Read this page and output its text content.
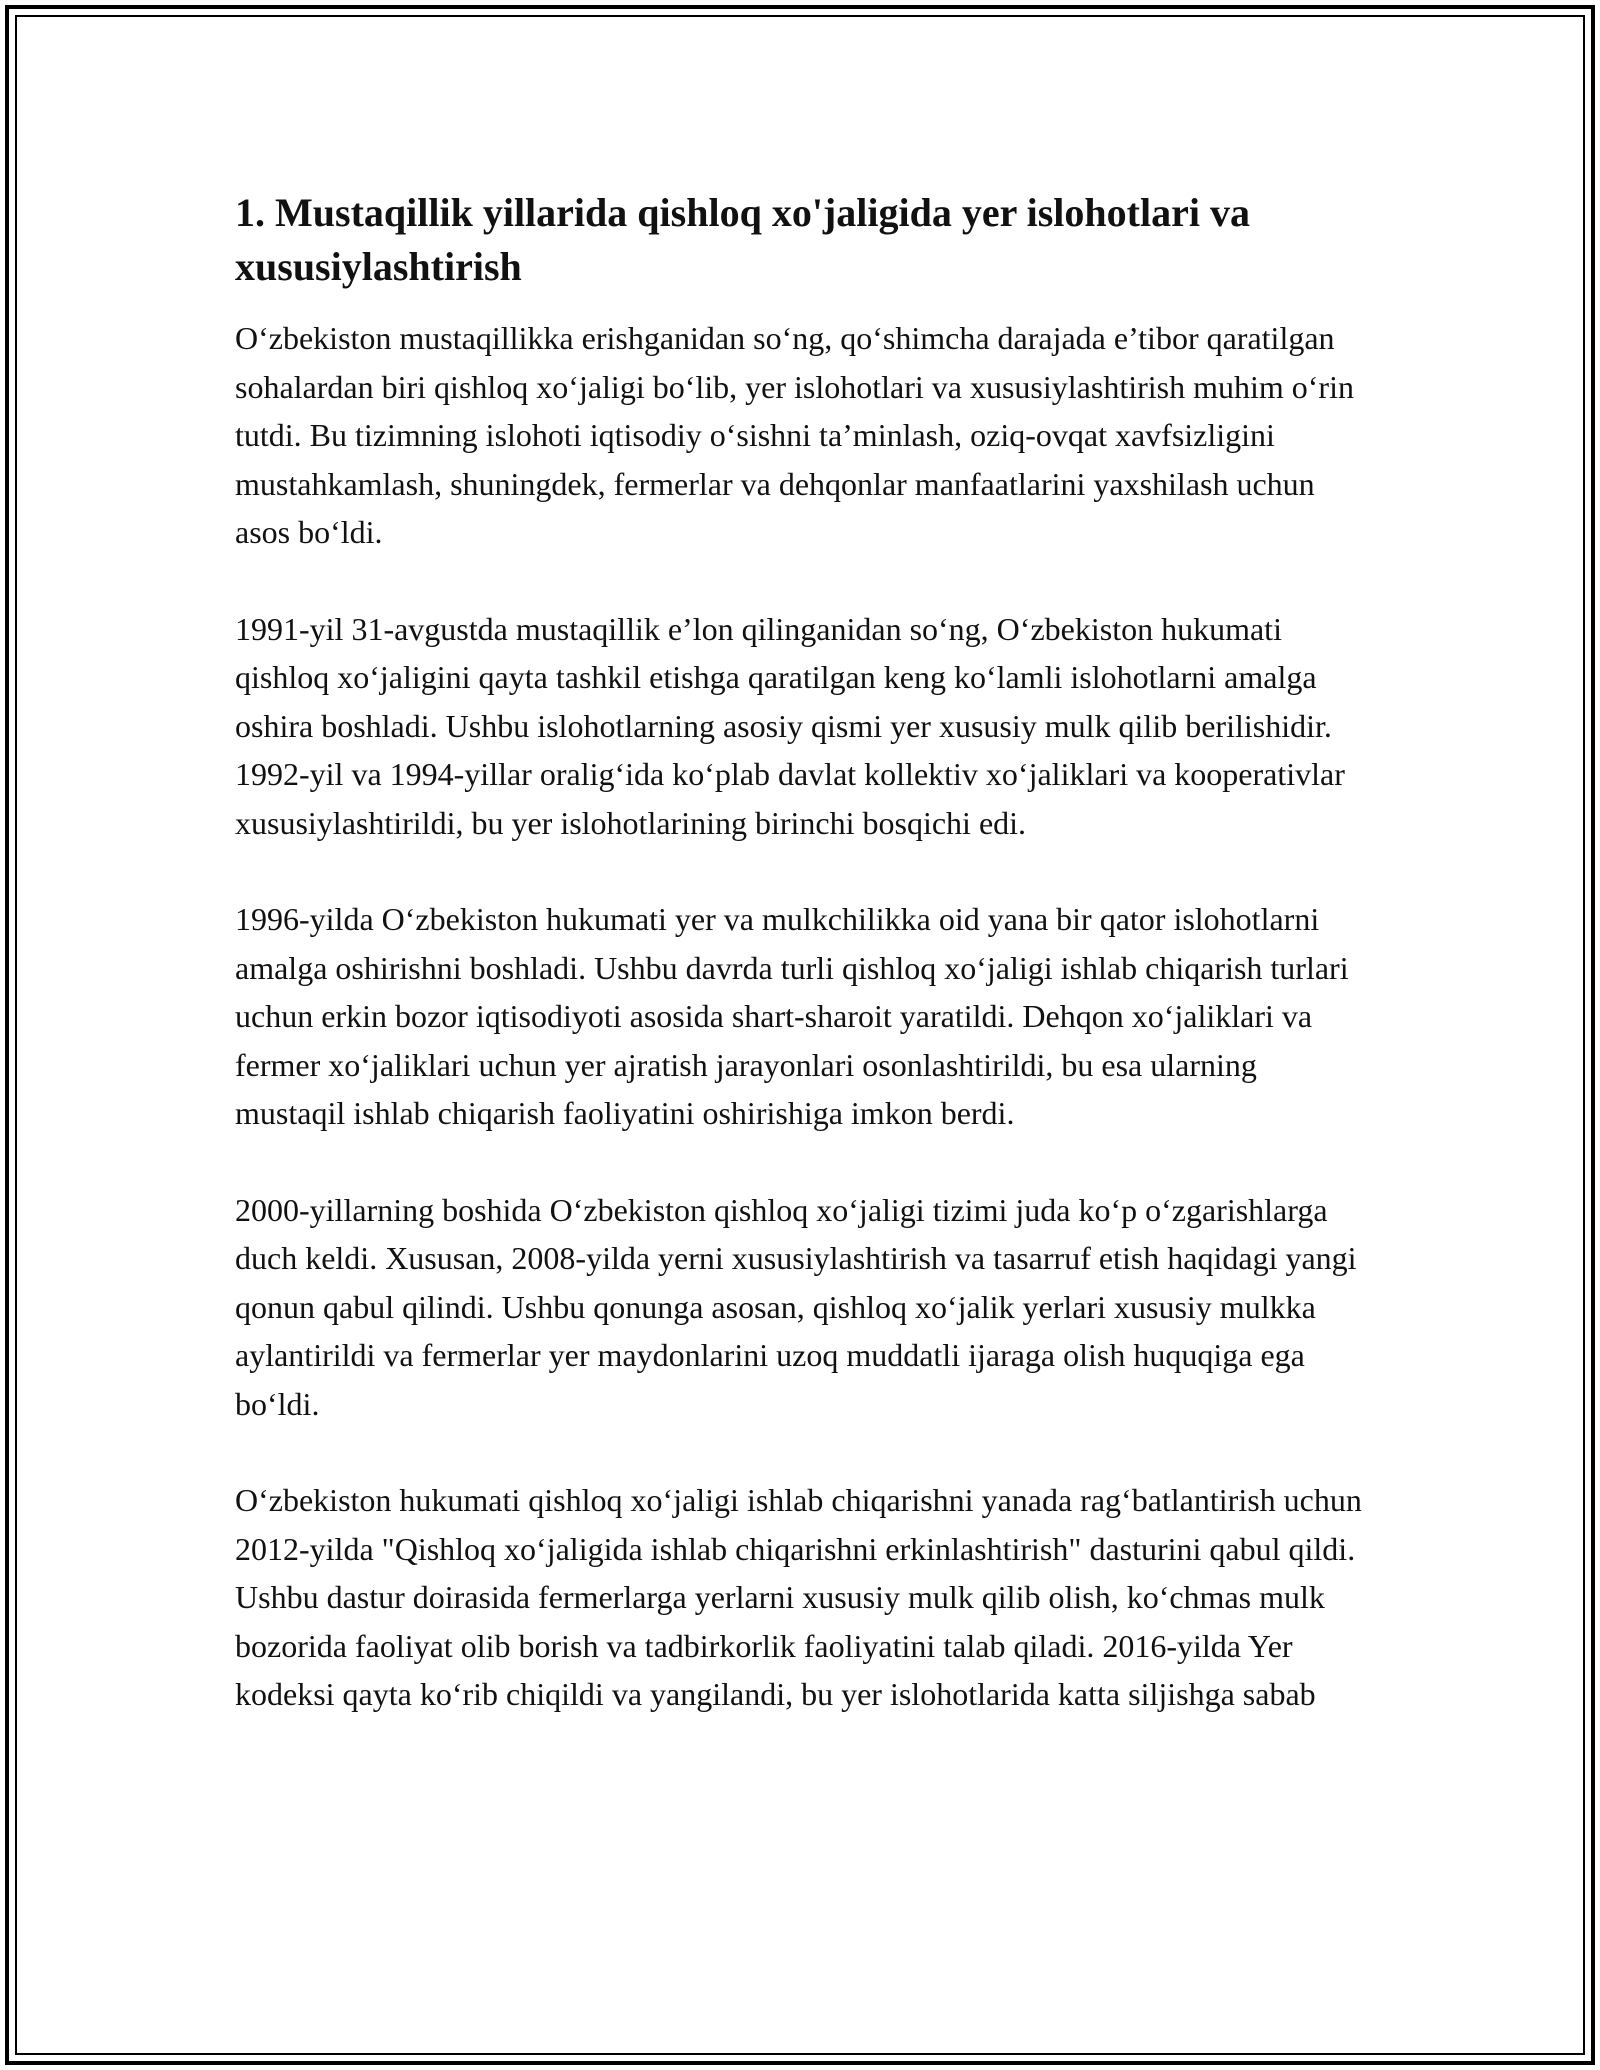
1. Mustaqillik yillarida qishloq xo'jaligida yer islohotlari va xususiylashtirish

O‘zbekiston mustaqillikka erishganidan so‘ng, qo‘shimcha darajada e’tibor qaratilgan sohalardan biri qishloq xo‘jaligi bo‘lib, yer islohotlari va xususiylashtirish muhim o‘rin tutdi. Bu tizimning islohoti iqtisodiy o‘sishni ta’minlash, oziq-ovqat xavfsizligini mustahkamlash, shuningdek, fermerlar va dehqonlar manfaatlarini yaxshilash uchun asos bo‘ldi.

1991-yil 31-avgustda mustaqillik e’lon qilinganidan so‘ng, O‘zbekiston hukumati qishloq xo‘jaligini qayta tashkil etishga qaratilgan keng ko‘lamli islohotlarni amalga oshira boshladi. Ushbu islohotlarning asosiy qismi yer xususiy mulk qilib berilishidir. 1992-yil va 1994-yillar oralig‘ida ko‘plab davlat kollektiv xo‘jaliklari va kooperativlar xususiylashtirildi, bu yer islohotlarining birinchi bosqichi edi.

1996-yilda O‘zbekiston hukumati yer va mulkchilikka oid yana bir qator islohotlarni amalga oshirishni boshladi. Ushbu davrda turli qishloq xo‘jaligi ishlab chiqarish turlari uchun erkin bozor iqtisodiyoti asosida shart-sharoit yaratildi. Dehqon xo‘jaliklari va fermer xo‘jaliklari uchun yer ajratish jarayonlari osonlashtirildi, bu esa ularning mustaqil ishlab chiqarish faoliyatini oshirishiga imkon berdi.

2000-yillarning boshida O‘zbekiston qishloq xo‘jaligi tizimi juda ko‘p o‘zgarishlarga duch keldi. Xususan, 2008-yilda yerni xususiylashtirish va tasarruf etish haqidagi yangi qonun qabul qilindi. Ushbu qonunga asosan, qishloq xo‘jalik yerlari xususiy mulkka aylantirildi va fermerlar yer maydonlarini uzoq muddatli ijaraga olish huquqiga ega bo‘ldi.

O‘zbekiston hukumati qishloq xo‘jaligi ishlab chiqarishni yanada rag‘batlantirish uchun 2012-yilda "Qishloq xo‘jaligida ishlab chiqarishni erkinlashtirish" dasturini qabul qildi. Ushbu dastur doirasida fermerlarga yerlarni xususiy mulk qilib olish, ko‘chmas mulk bozorida faoliyat olib borish va tadbirkorlik faoliyatini talab qiladi. 2016-yilda Yer kodeksi qayta ko‘rib chiqildi va yangilandi, bu yer islohotlarida katta siljishga sabab
